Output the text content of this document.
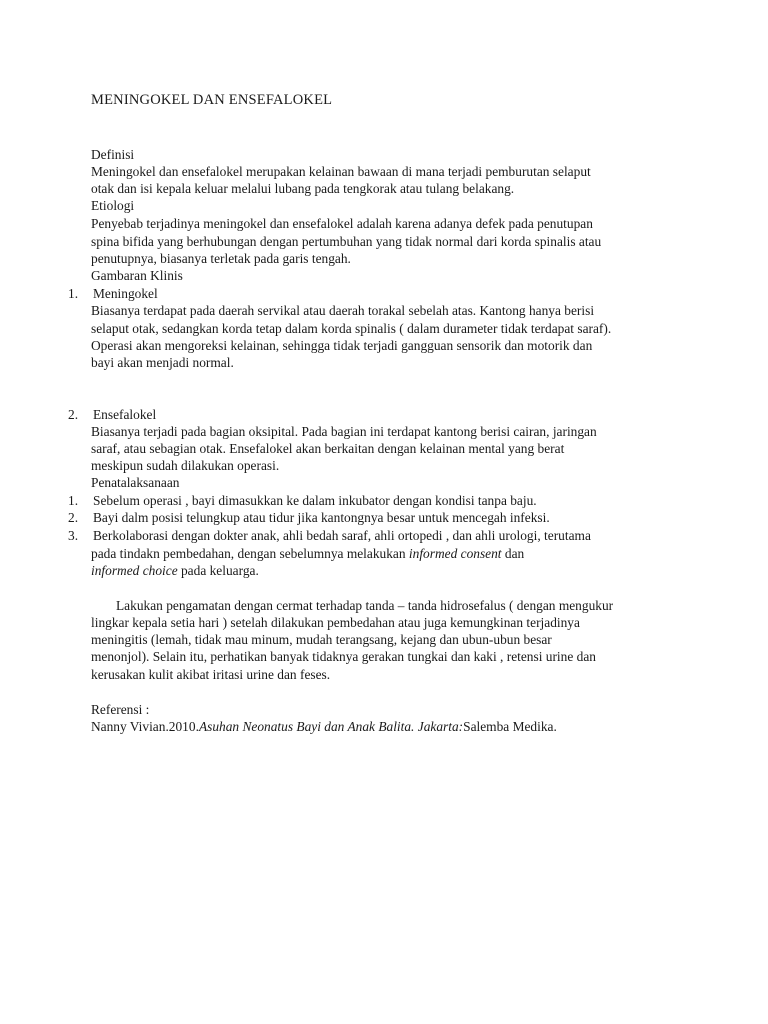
MENINGOKEL DAN ENSEFALOKEL
Definisi
Meningokel dan ensefalokel merupakan kelainan bawaan di mana terjadi pemburutan selaput
otak dan isi kepala keluar melalui lubang pada tengkorak atau tulang belakang.
Etiologi
Penyebab terjadinya meningokel dan ensefalokel adalah karena adanya defek pada penutupan
spina bifida yang berhubungan dengan pertumbuhan yang tidak normal dari korda spinalis atau
penutupnya, biasanya terletak pada garis tengah.
Gambaran Klinis
1. Meningokel
Biasanya terdapat pada daerah servikal atau daerah torakal sebelah atas. Kantong hanya berisi
selaput otak, sedangkan korda tetap dalam korda spinalis ( dalam durameter tidak terdapat saraf).
Operasi akan mengoreksi kelainan, sehingga tidak terjadi gangguan sensorik dan motorik dan
bayi akan menjadi normal.
2. Ensefalokel
Biasanya terjadi pada bagian oksipital. Pada bagian ini terdapat kantong berisi cairan, jaringan
saraf, atau sebagian otak. Ensefalokel akan berkaitan dengan kelainan mental yang berat
meskipun sudah dilakukan operasi.
Penatalaksanaan
1. Sebelum operasi , bayi dimasukkan ke dalam inkubator dengan kondisi tanpa baju.
2. Bayi dalm posisi telungkup atau tidur jika kantongnya besar untuk mencegah infeksi.
3. Berkolaborasi dengan dokter anak, ahli bedah saraf, ahli ortopedi , dan ahli urologi, terutama
pada tindakn pembedahan, dengan sebelumnya melakukan informed consent dan
informed choice pada keluarga.
Lakukan pengamatan dengan cermat terhadap tanda – tanda hidrosefalus ( dengan mengukur
lingkar kepala setia hari ) setelah dilakukan pembedahan atau juga kemungkinan terjadinya
meningitis (lemah, tidak mau minum, mudah terangsang, kejang dan ubun-ubun besar
menonjol). Selain itu, perhatikan banyak tidaknya gerakan tungkai dan kaki , retensi urine dan
kerusakan kulit akibat iritasi urine dan feses.
Referensi :
Nanny Vivian.2010.Asuhan Neonatus Bayi dan Anak Balita. Jakarta:Salemba Medika.
